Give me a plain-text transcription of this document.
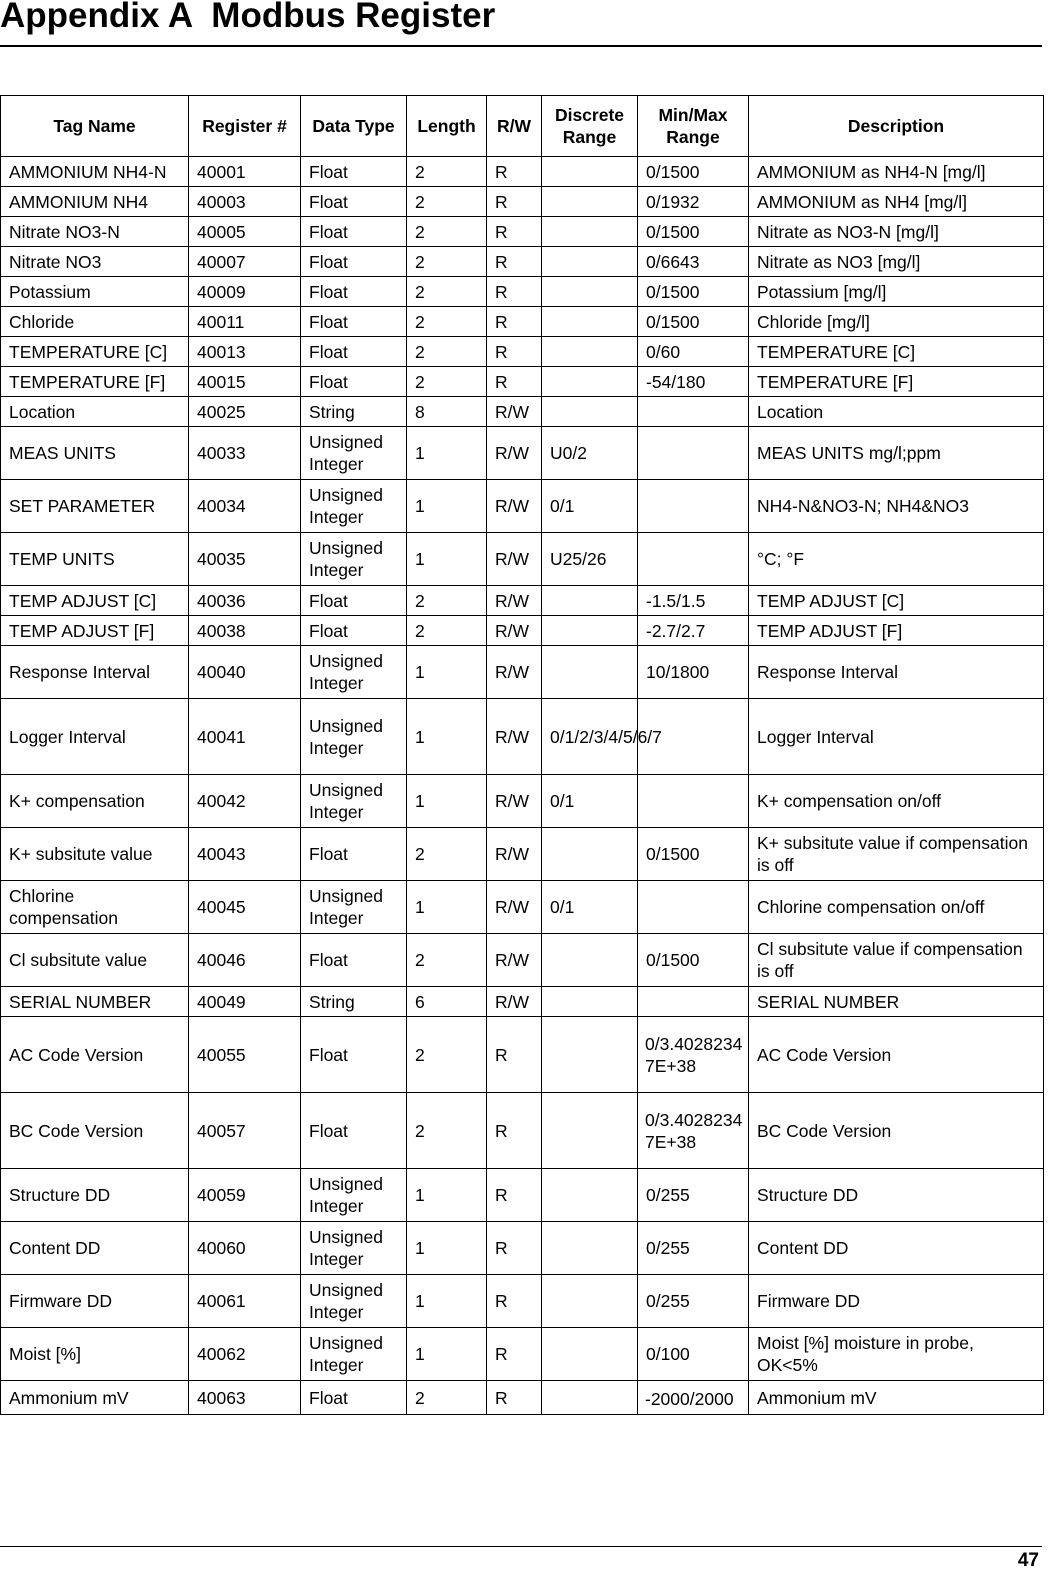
Appendix A  Modbus Register
Tag Name	Register #	Data Type	Length	R/W	Discrete Range	Min/Max Range	Description
AMMONIUM NH4-N	40001	Float	2	R		0/1500	AMMONIUM as NH4-N [mg/l]
AMMONIUM NH4	40003	Float	2	R		0/1932	AMMONIUM as NH4 [mg/l]
Nitrate NO3-N	40005	Float	2	R		0/1500	Nitrate as NO3-N [mg/l]
Nitrate NO3	40007	Float	2	R		0/6643	Nitrate as NO3 [mg/l]
Potassium	40009	Float	2	R		0/1500	Potassium [mg/l]
Chloride	40011	Float	2	R		0/1500	Chloride [mg/l]
TEMPERATURE [C]	40013	Float	2	R		0/60	TEMPERATURE [C]
TEMPERATURE [F]	40015	Float	2	R		-54/180	TEMPERATURE [F]
Location	40025	String	8	R/W			Location
MEAS UNITS	40033	Unsigned Integer	1	R/W	U0/2		MEAS UNITS mg/l;ppm
SET PARAMETER	40034	Unsigned Integer	1	R/W	0/1		NH4-N&NO3-N; NH4&NO3
TEMP UNITS	40035	Unsigned Integer	1	R/W	U25/26		°C; °F
TEMP ADJUST [C]	40036	Float	2	R/W		-1.5/1.5	TEMP ADJUST [C]
TEMP ADJUST [F]	40038	Float	2	R/W		-2.7/2.7	TEMP ADJUST [F]
Response Interval	40040	Unsigned Integer	1	R/W		10/1800	Response Interval
Logger Interval	40041	Unsigned Integer	1	R/W	0/1/2/3/4/5/6/7		Logger Interval
K+ compensation	40042	Unsigned Integer	1	R/W	0/1		K+ compensation on/off
K+ subsitute value	40043	Float	2	R/W		0/1500	K+ subsitute value if compensation is off
Chlorine compensation	40045	Unsigned Integer	1	R/W	0/1		Chlorine compensation on/off
Cl subsitute value	40046	Float	2	R/W		0/1500	Cl subsitute value if compensation is off
SERIAL NUMBER	40049	String	6	R/W			SERIAL NUMBER
AC Code Version	40055	Float	2	R		0/3.40282347E+38	AC Code Version
BC Code Version	40057	Float	2	R		0/3.40282347E+38	BC Code Version
Structure DD	40059	Unsigned Integer	1	R		0/255	Structure DD
Content DD	40060	Unsigned Integer	1	R		0/255	Content DD
Firmware DD	40061	Unsigned Integer	1	R		0/255	Firmware DD
Moist [%]	40062	Unsigned Integer	1	R		0/100	Moist [%] moisture in probe, OK<5%
Ammonium mV	40063	Float	2	R		-2000/2000	Ammonium mV
47
